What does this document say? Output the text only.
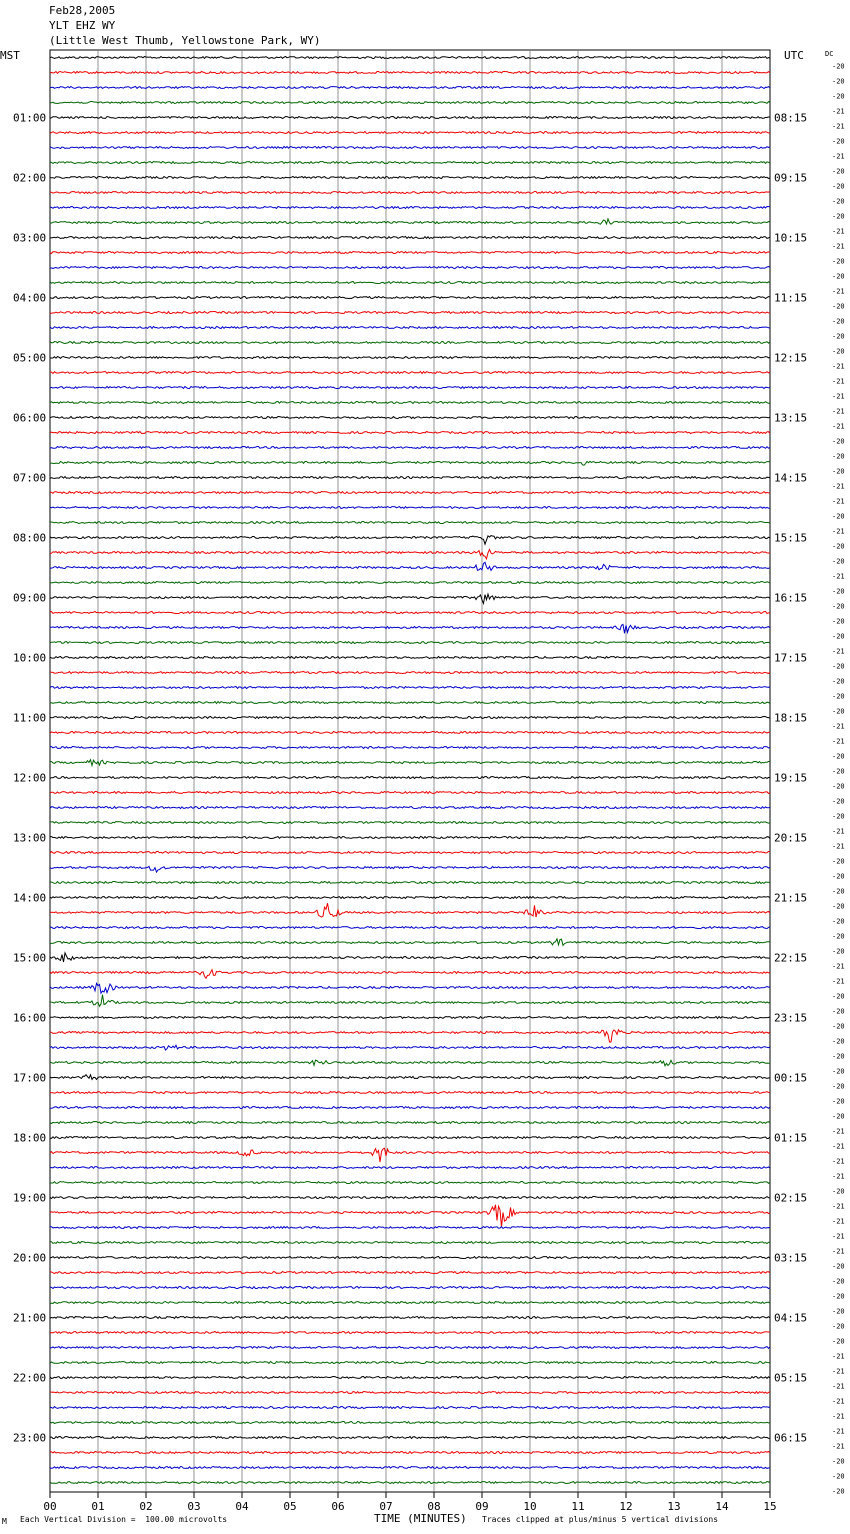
Feb28,2005
YLT EHZ WY
(Little West Thumb, Yellowstone Park, WY)
MST	UTC	DC
-20
-20
-20
-21
-21
-20
-21
-20
-20
-20
-20
-21
-21
-20
-20
-21
-20
-20
-20
-20
-21
-21
-21
-21
-21
-20
-20
-20
-21
-21
-20
-21
-20
-20
-21
-20
-20
-20
-20
-21
-20
-20
-20
-20
-21
-21
-20
-20
-20
-20
-20
-21
-21
-20
-20
-20
-20
-20
-20
-20
-21
-21
-20
-20
-20
-20
-20
-20
-20
-20
-20
-21
-21
-21
-21
-20
-21
-21
-21
-21
-20
-20
-20
-20
-20
-20
-21
-21
-21
-21
-21
-21
-21
-20
-20
-20
01:00	08:15
02:00	09:15
03:00	10:15
04:00	11:15
05:00	12:15
06:00	13:15
07:00	14:15
08:00	15:15
09:00	16:15
10:00	17:15
11:00	18:15
12:00	19:15
13:00	20:15
14:00	21:15
15:00	22:15
16:00	23:15
17:00	00:15
18:00	01:15
19:00	02:15
20:00	03:15
21:00	04:15
22:00	05:15
23:00	06:15
00	01	02	03	04	05	06	07	08	09	10	11	12	13	14	15
M Each Vertical Division =  100.00 microvolts	TIME (MINUTES) Traces clipped at plus/minus 5 vertical divisions
